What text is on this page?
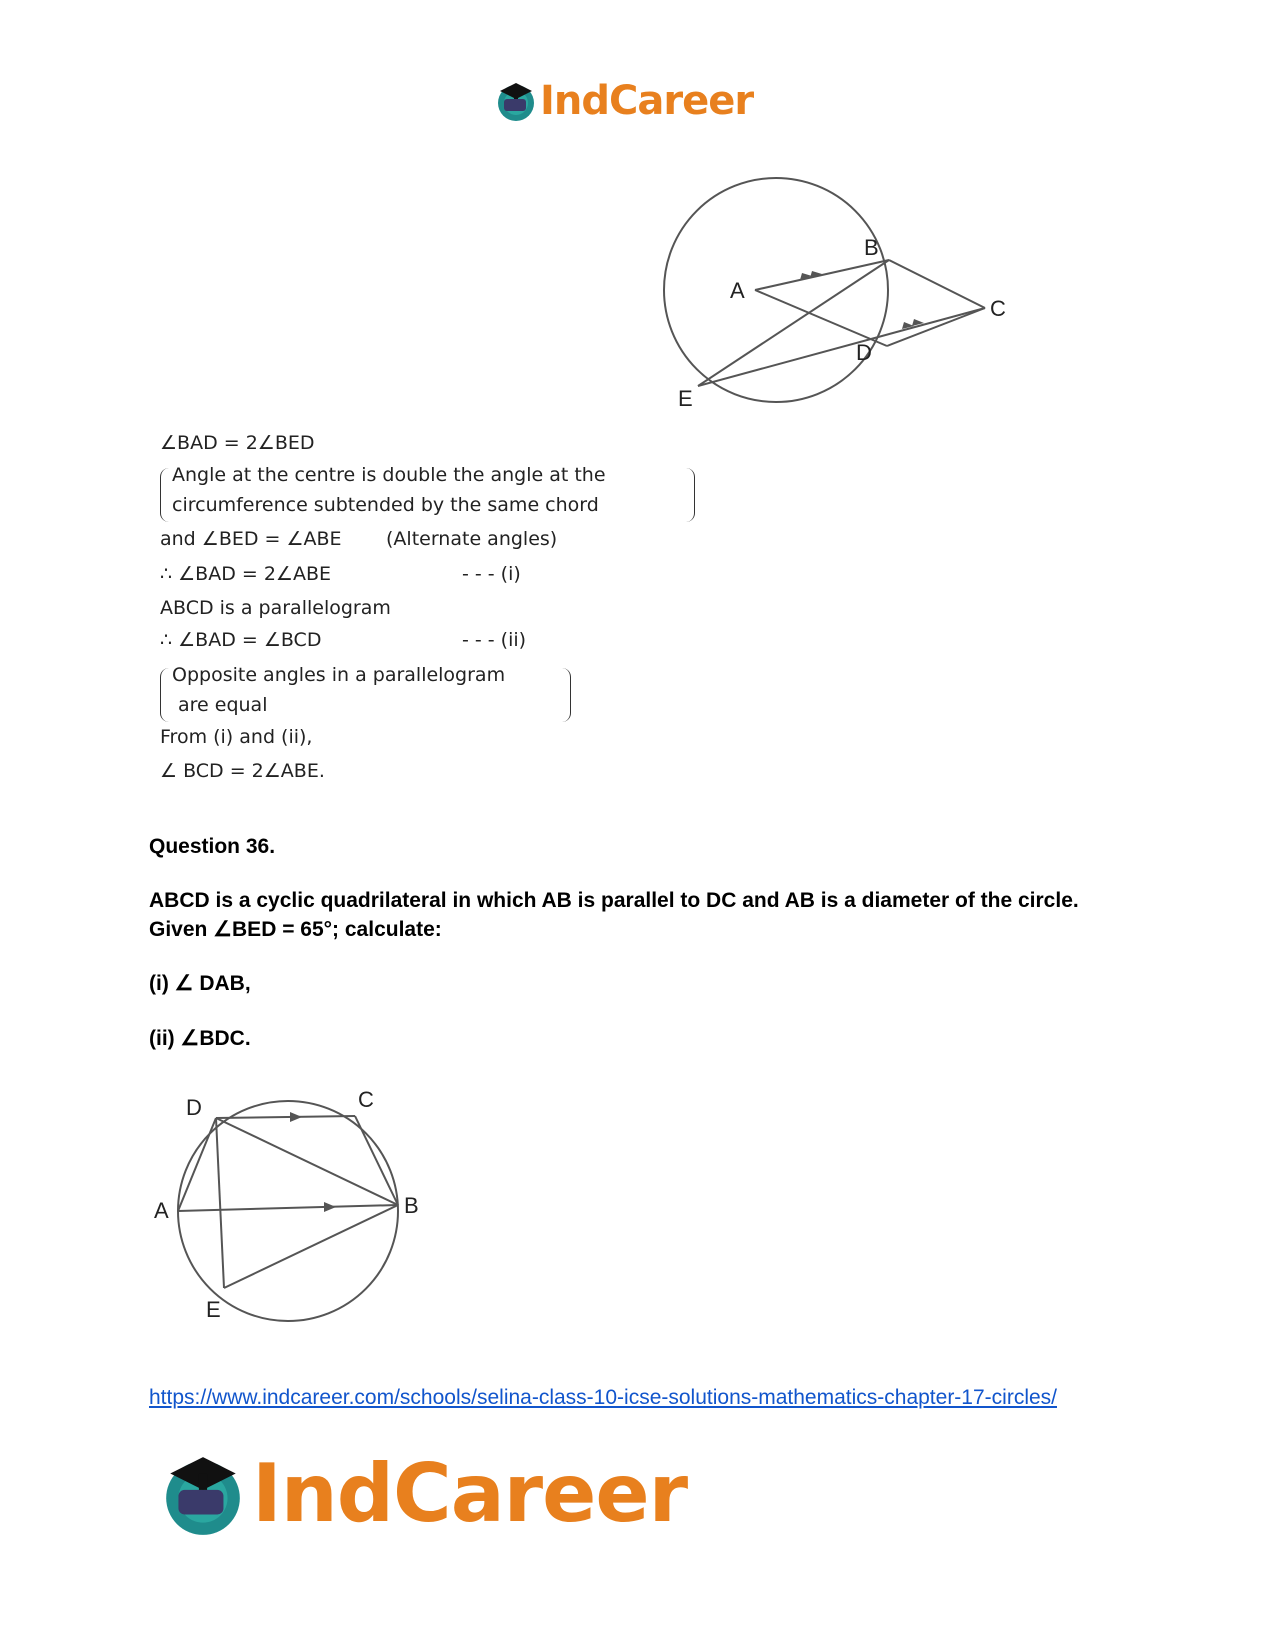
IndCareer
A
B
C
D
E
∠BAD = 2∠BED
Angle at the centre is double the angle at the
circumference subtended by the same chord
and ∠BED = ∠ABE (Alternate angles)
∴ ∠BAD = 2∠ABE	- - - (i)
ABCD is a parallelogram
∴ ∠BAD = ∠BCD	- - - (ii)
Opposite angles in a parallelogram
are equal
From (i) and (ii),
∠ BCD = 2∠ABE.
Question 36.
ABCD is a cyclic quadrilateral in which AB is parallel to DC and AB is a diameter of the circle. Given ∠BED = 65°; calculate:
(i) ∠ DAB,
(ii) ∠BDC.
D	C
A	B
E
https://www.indcareer.com/schools/selina-class-10-icse-solutions-mathematics-chapter-17-circles/
IndCareer
